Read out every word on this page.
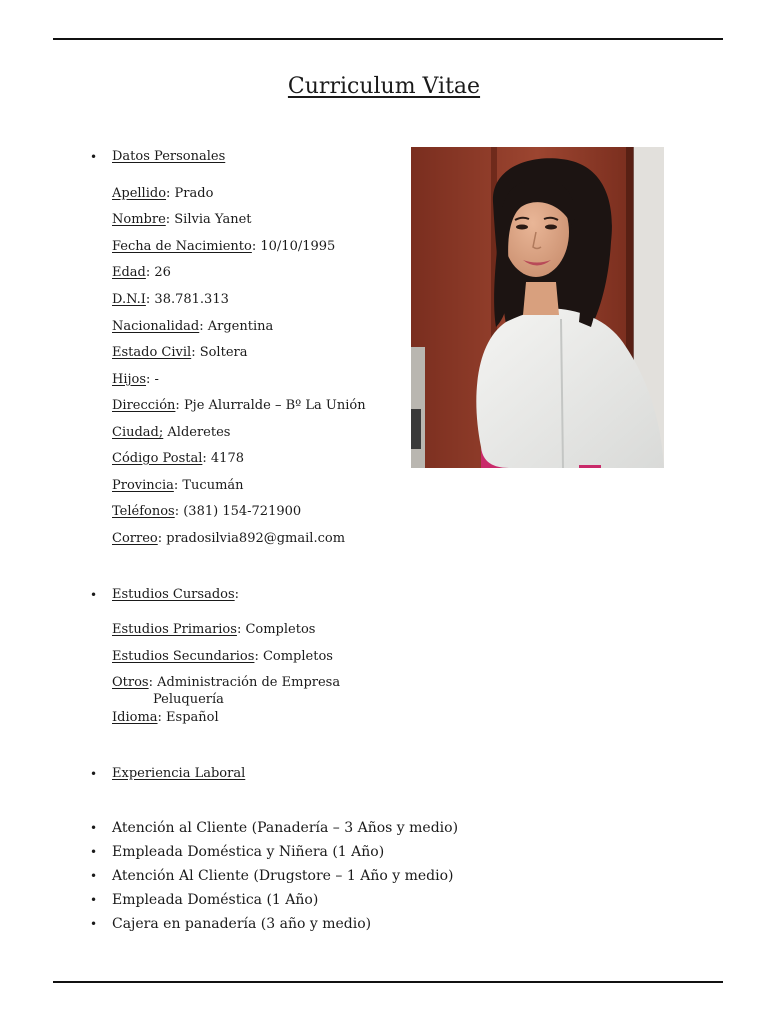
Curriculum Vitae
•	Datos Personales
Apellido: Prado
Nombre: Silvia Yanet
Fecha de Nacimiento: 10/10/1995
Edad: 26
D.N.I: 38.781.313
Nacionalidad: Argentina
Estado Civil: Soltera
Hijos: -
Dirección: Pje Alurralde – Bº La Unión
Ciudad; Alderetes
Código Postal: 4178
Provincia: Tucumán
Teléfonos: (381) 154-721900
Correo: pradosilvia892@gmail.com
•	Estudios Cursados :
Estudios Primarios: Completos
Estudios Secundarios: Completos
Otros: Administración de Empresa
Peluquería
Idioma: Español
•	Experiencia Laboral
•	Atención al Cliente (Panadería – 3 Años y medio)
•	Empleada Doméstica y Niñera (1 Año)
•	Atención Al Cliente (Drugstore – 1 Año y medio)
•	Empleada Doméstica (1 Año)
•	Cajera en panadería (3 año y medio)
